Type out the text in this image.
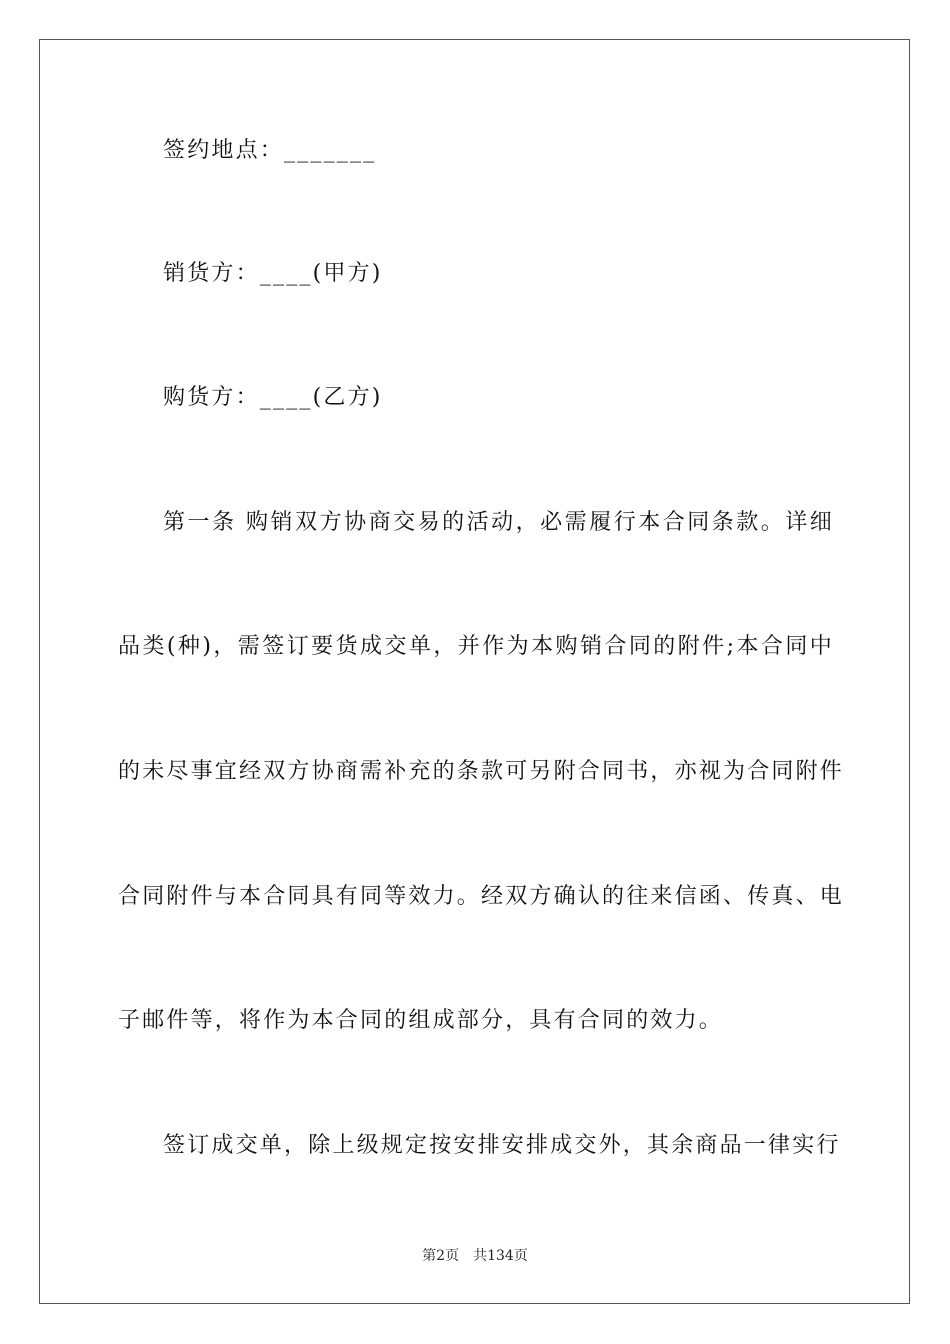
签约地点：_______
销货方：____(甲方)
购货方：____(乙方)
第一条 购销双方协商交易的活动，必需履行本合同条款。详细
品类(种)，需签订要货成交单，并作为本购销合同的附件;本合同中
的未尽事宜经双方协商需补充的条款可另附合同书，亦视为合同附件
合同附件与本合同具有同等效力。经双方确认的往来信函、传真、电
子邮件等，将作为本合同的组成部分，具有合同的效力。
签订成交单，除上级规定按安排安排成交外，其余商品一律实行
第2页 共134页
